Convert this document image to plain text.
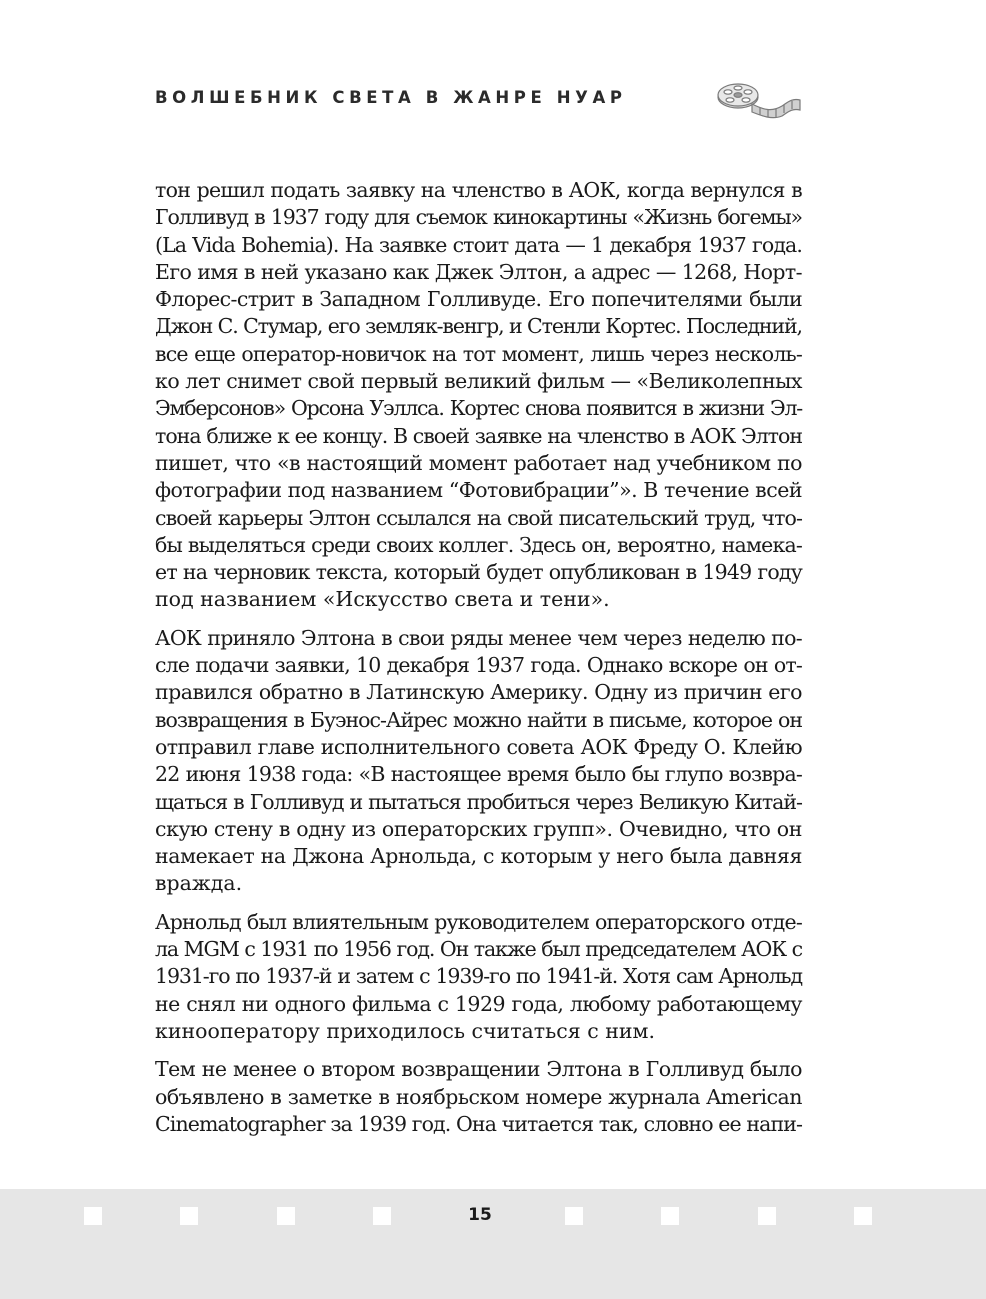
ВОЛШЕБНИК СВЕТА В ЖАНРЕ НУАР

тон решил подать заявку на членство в АОК, когда вернулся в
Голливуд в 1937 году для съемок кинокартины «Жизнь богемы»
(La Vida Bohemia). На заявке стоит дата — 1 декабря 1937 года.
Его имя в ней указано как Джек Элтон, а адрес — 1268, Норт-
Флорес-стрит в Западном Голливуде. Его попечителями были
Джон С. Стумар, его земляк-венгр, и Стенли Кортес. Последний,
все еще оператор-новичок на тот момент, лишь через несколь-
ко лет снимет свой первый великий фильм — «Великолепных
Эмберсонов» Орсона Уэллса. Кортес снова появится в жизни Эл-
тона ближе к ее концу. В своей заявке на членство в АОК Элтон
пишет, что «в настоящий момент работает над учебником по
фотографии под названием “Фотовибрации”». В течение всей
своей карьеры Элтон ссылался на свой писательский труд, что-
бы выделяться среди своих коллег. Здесь он, вероятно, намека-
ет на черновик текста, который будет опубликован в 1949 году
под названием «Искусство света и тени».

АОК приняло Элтона в свои ряды менее чем через неделю по-
сле подачи заявки, 10 декабря 1937 года. Однако вскоре он от-
правился обратно в Латинскую Америку. Одну из причин его
возвращения в Буэнос-Айрес можно найти в письме, которое он
отправил главе исполнительного совета АОК Фреду О. Клейю
22 июня 1938 года: «В настоящее время было бы глупо возвра-
щаться в Голливуд и пытаться пробиться через Великую Китай-
скую стену в одну из операторских групп». Очевидно, что он
намекает на Джона Арнольда, с которым у него была давняя
вражда.

Арнольд был влиятельным руководителем операторского отде-
ла MGM с 1931 по 1956 год. Он также был председателем АОК с
1931-го по 1937-й и затем с 1939-го по 1941-й. Хотя сам Арнольд
не снял ни одного фильма с 1929 года, любому работающему
кинооператору приходилось считаться с ним.

Тем не менее о втором возвращении Элтона в Голливуд было
объявлено в заметке в ноябрьском номере журнала American
Cinematographer за 1939 год. Она читается так, словно ее напи-

15
